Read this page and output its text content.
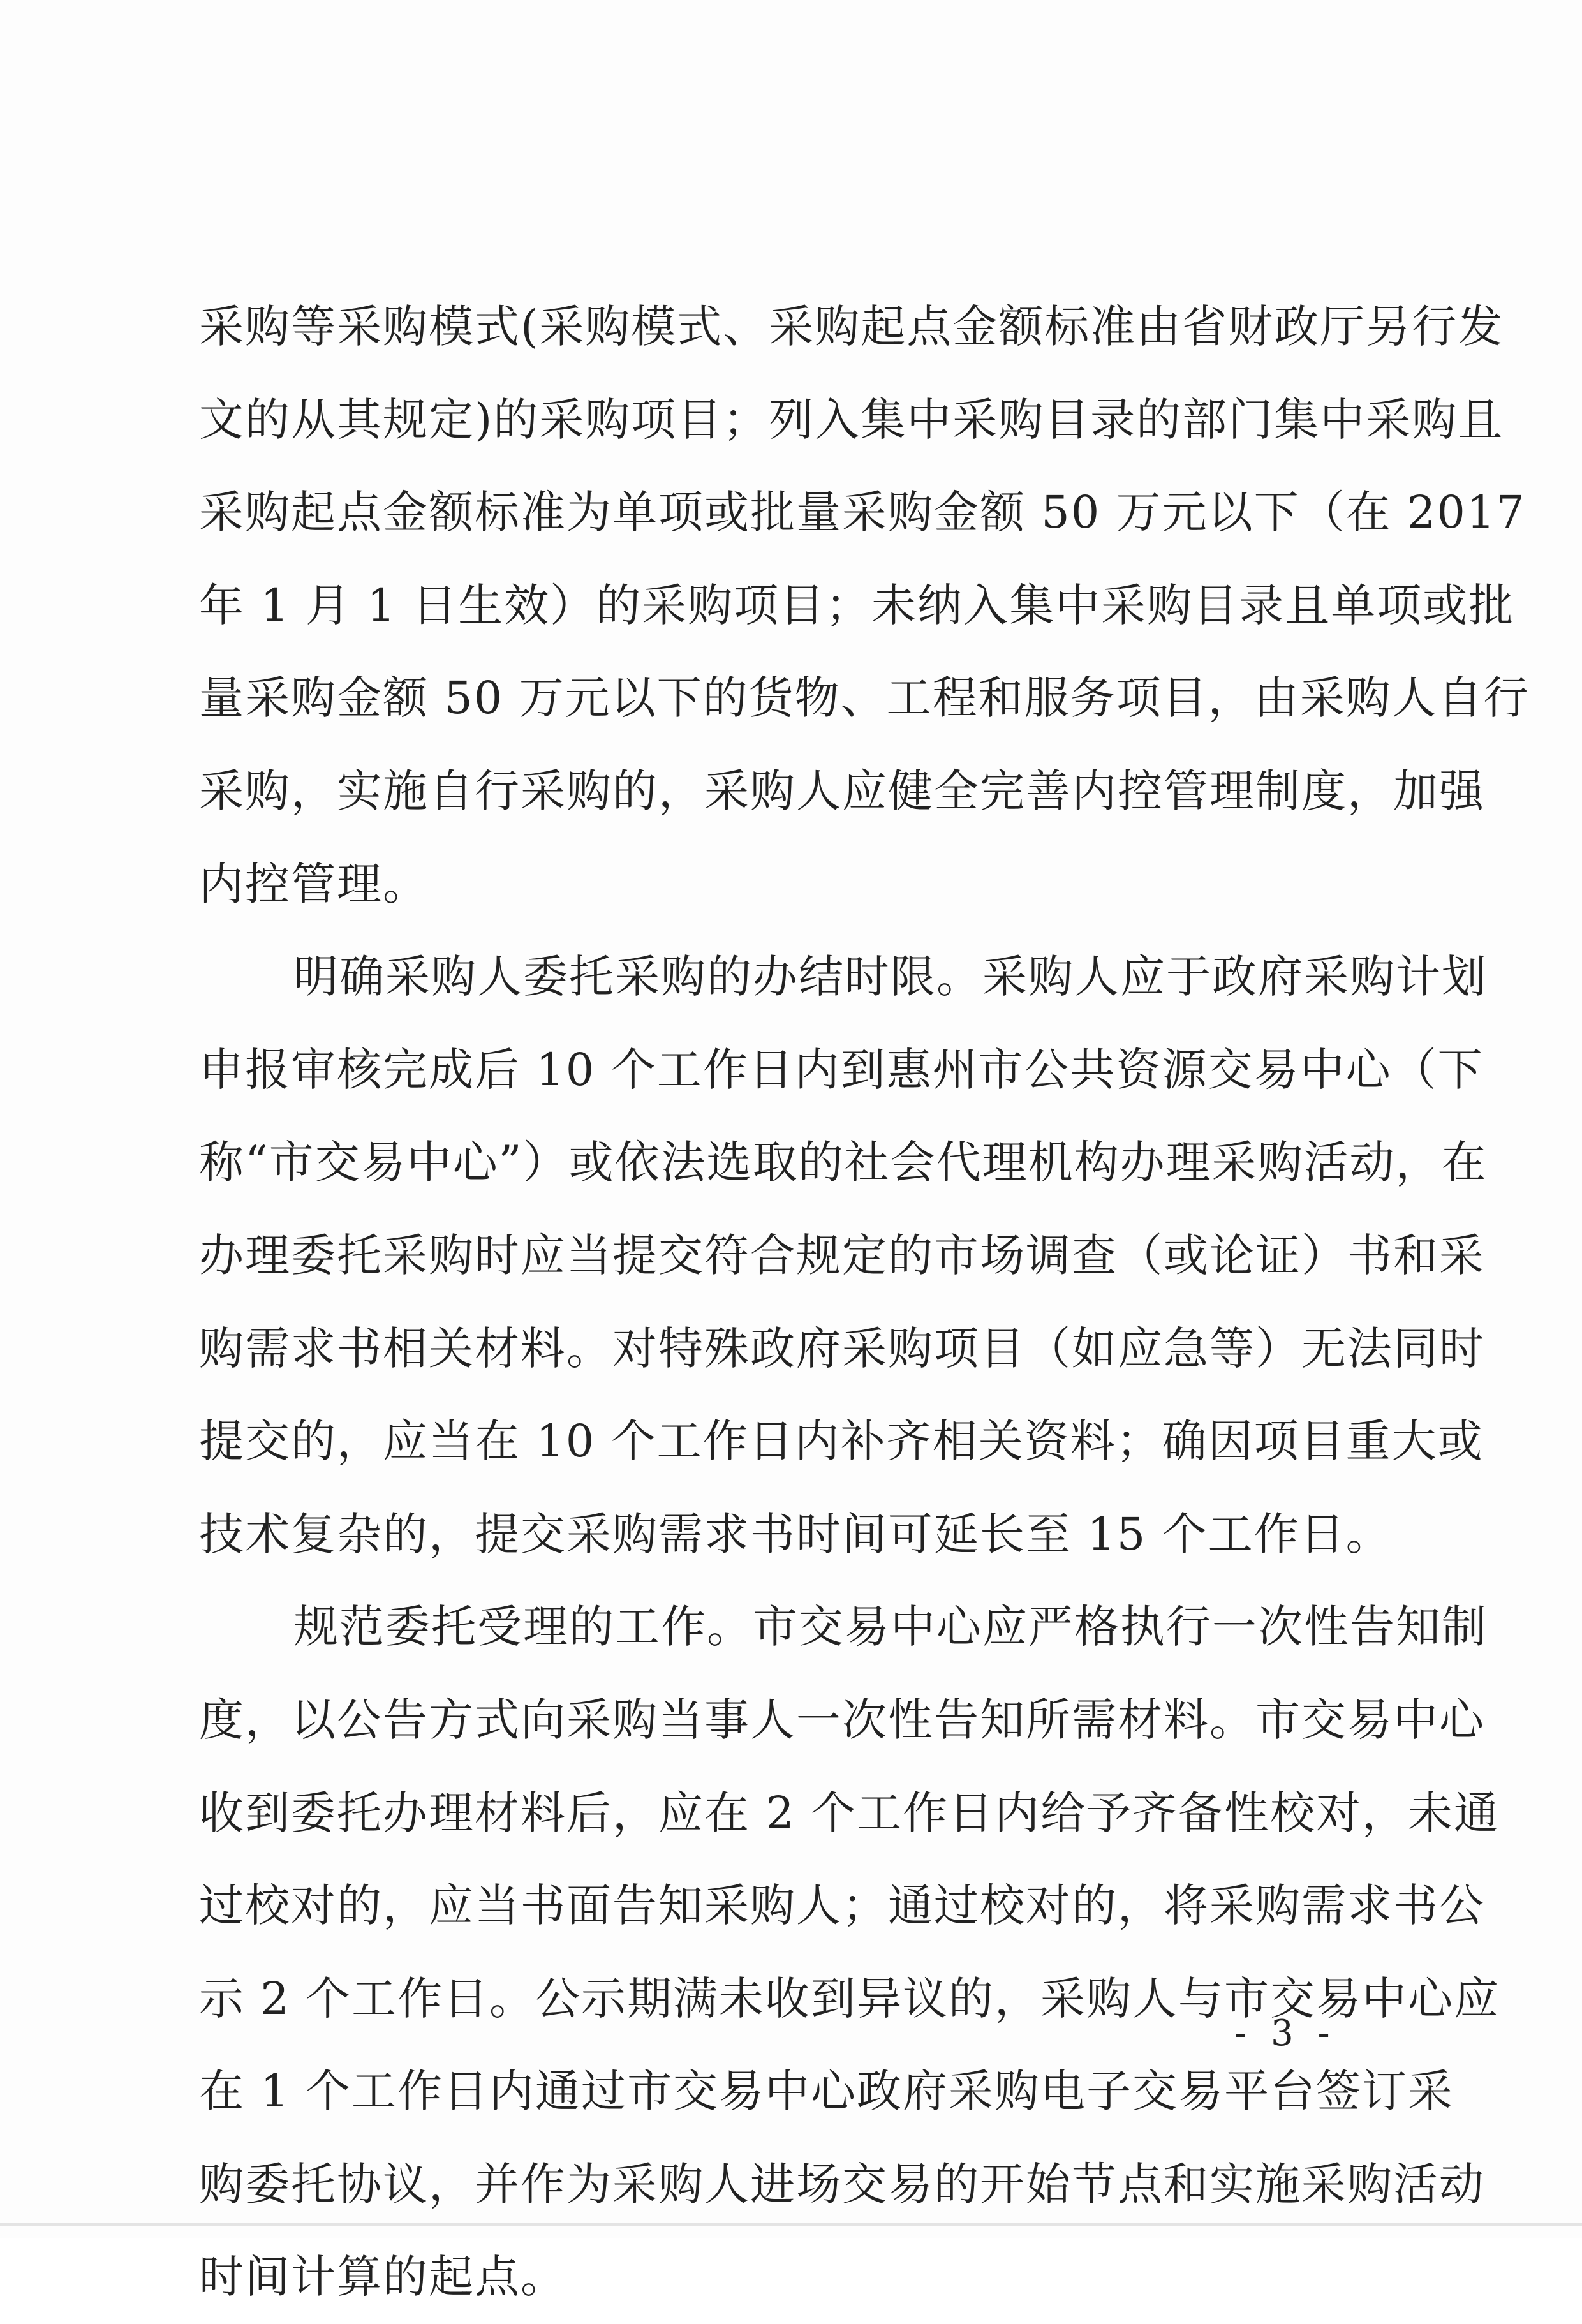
采购等采购模式(采购模式、采购起点金额标准由省财政厅另行发
文的从其规定)的采购项目；列入集中采购目录的部门集中采购且
采购起点金额标准为单项或批量采购金额 50 万元以下（在 2017
年 1 月 1 日生效）的采购项目；未纳入集中采购目录且单项或批
量采购金额 50 万元以下的货物、工程和服务项目，由采购人自行
采购，实施自行采购的，采购人应健全完善内控管理制度，加强
内控管理。
明确采购人委托采购的办结时限。采购人应于政府采购计划
申报审核完成后 10 个工作日内到惠州市公共资源交易中心（下
称“市交易中心”）或依法选取的社会代理机构办理采购活动，在
办理委托采购时应当提交符合规定的市场调查（或论证）书和采
购需求书相关材料。对特殊政府采购项目（如应急等）无法同时
提交的，应当在 10 个工作日内补齐相关资料；确因项目重大或
技术复杂的，提交采购需求书时间可延长至 15 个工作日。
规范委托受理的工作。市交易中心应严格执行一次性告知制
度，以公告方式向采购当事人一次性告知所需材料。市交易中心
收到委托办理材料后，应在 2 个工作日内给予齐备性校对，未通
过校对的，应当书面告知采购人；通过校对的，将采购需求书公
示 2 个工作日。公示期满未收到异议的，采购人与市交易中心应
在 1 个工作日内通过市交易中心政府采购电子交易平台签订采
购委托协议，并作为采购人进场交易的开始节点和实施采购活动
时间计算的起点。
- 3 -
